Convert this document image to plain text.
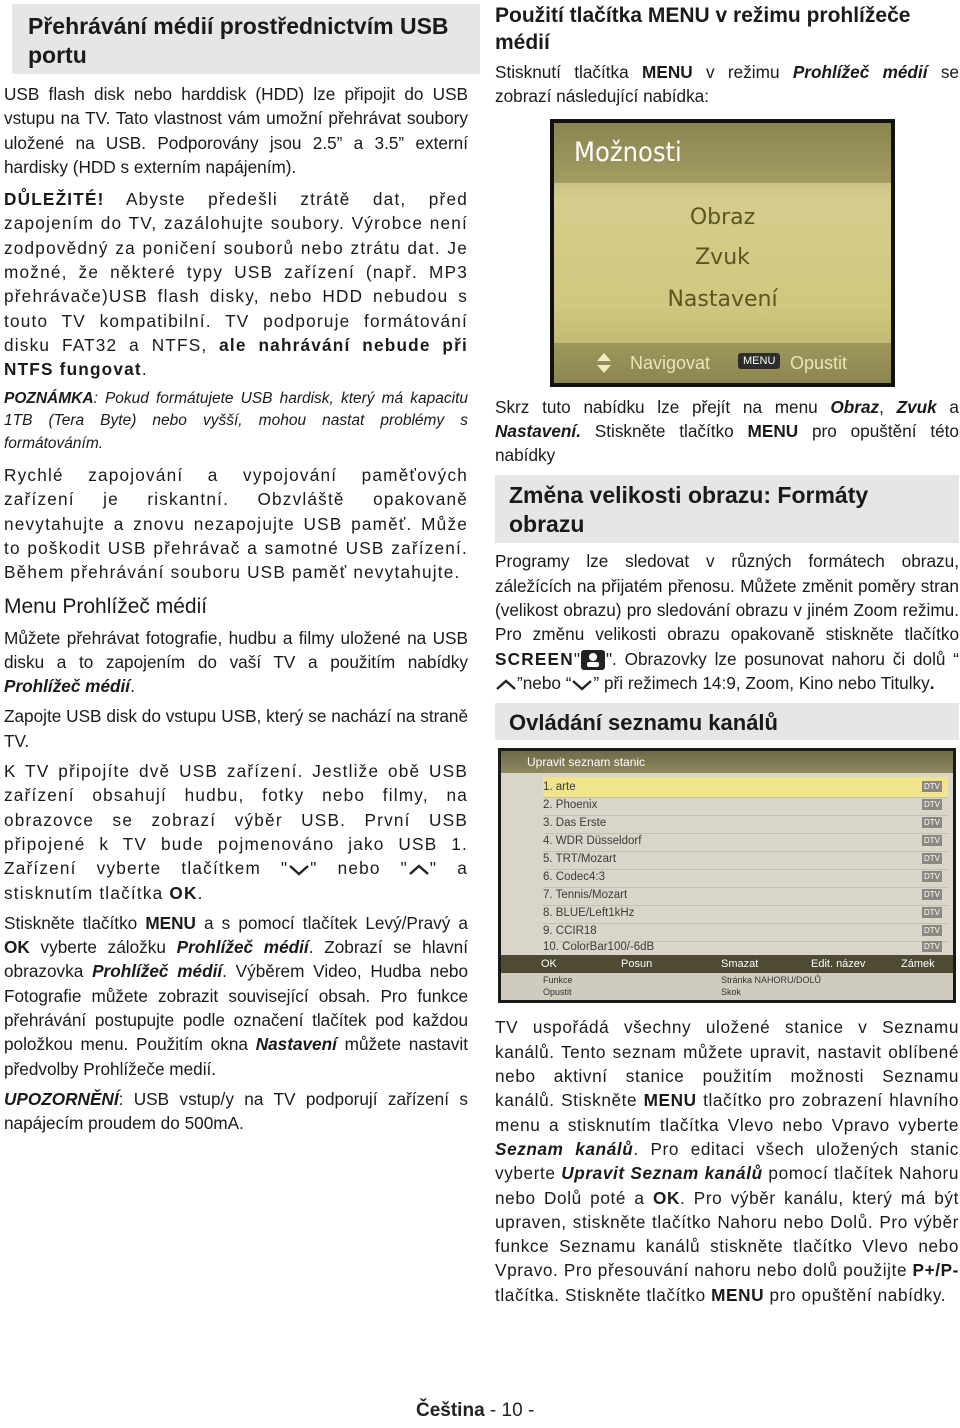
Přehrávání médií prostřednictvím USB portu

USB flash disk nebo harddisk (HDD) lze připojit do USB vstupu na TV. Tato vlastnost vám umožní přehrávat soubory uložené na USB. Podporovány jsou 2.5” a 3.5” externí hardisky (HDD s externím napájením).

DŮLEŽITÉ! Abyste předešli ztrátě dat, před zapojením do TV, zazálohujte soubory. Výrobce není zodpovědný za poničení souborů nebo ztrátu dat. Je možné, že některé typy USB zařízení (např. MP3 přehrávače)USB flash disky, nebo HDD nebudou s touto TV kompatibilní. TV podporuje formátování disku FAT32 a NTFS, ale nahrávání nebude při NTFS fungovat.

POZNÁMKA: Pokud formátujete USB hardisk, který má kapacitu 1TB (Tera Byte) nebo vyšší, mohou nastat problémy s formátováním.

Rychlé zapojování a vypojování paměťových zařízení je riskantní. Obzvláště opakovaně nevytahujte a znovu nezapojujte USB paměť. Může to poškodit USB přehrávač a samotné USB zařízení. Během přehrávání souboru USB paměť nevytahujte.

Menu Prohlížeč médií

Můžete přehrávat fotografie, hudbu a filmy uložené na USB disku a to zapojením do vaší TV a použitím nabídky Prohlížeč médií.

Zapojte USB disk do vstupu USB, který se nachází na straně TV.

K TV připojíte dvě USB zařízení. Jestliže obě USB zařízení obsahují hudbu, fotky nebo filmy, na obrazovce se zobrazí výběr USB. První USB připojené k TV bude pojmenováno jako USB 1. Zařízení vyberte tlačítkem " " nebo " " a stisknutím tlačítka OK.

Stiskněte tlačítko MENU a s pomocí tlačítek Levý/Pravý a OK vyberte záložku Prohlížeč médií. Zobrazí se hlavní obrazovka Prohlížeč médií. Výběrem Video, Hudba nebo Fotografie můžete zobrazit související obsah. Pro funkce přehrávání postupujte podle označení tlačítek pod každou položkou menu. Použitím okna Nastavení můžete nastavit předvolby Prohlížeče medií.

UPOZORNĚNÍ: USB vstup/y na TV podporují zařízení s napájecím proudem do 500mA.

Použití tlačítka MENU v režimu prohlížeče médií

Stisknutí tlačítka MENU v režimu Prohlížeč médií se zobrazí následující nabídka:

Možnosti
Obraz
Zvuk
Nastavení
Navigovat	MENU Opustit

Skrz tuto nabídku lze přejít na menu Obraz, Zvuk a Nastavení. Stiskněte tlačítko MENU pro opuštění této nabídky

Změna velikosti obrazu: Formáty obrazu

Programy lze sledovat v různých formátech obrazu, záležících na přijatém přenosu. Můžete změnit poměry stran (velikost obrazu) pro sledování obrazu v jiném Zoom režimu. Pro změnu velikosti obrazu opakovaně stiskněte tlačítko SCREEN" ". Obrazovky lze posunovat nahoru či dolů “”nebo “ ” při režimech 14:9, Zoom, Kino nebo Titulky.

Ovládání seznamu kanálů
Upravit seznam stanic
1. arte	DTV
2. Phoenix	DTV
3. Das Erste	DTV
4. WDR Düsseldorf	DTV
5. TRT/Mozart	DTV
6. Codec4:3	DTV
7. Tennis/Mozart	DTV
8. BLUE/Left1kHz	DTV
9. CCIR18	DTV
10. ColorBar100/-6dB	DTV
OK	Posun	Smazat	Edit. název	Zámek
Funkce	Stránka NAHORU/DOLŮ
Opustit	Skok

TV uspořádá všechny uložené stanice v Seznamu kanálů. Tento seznam můžete upravit, nastavit oblíbené nebo aktivní stanice použitím možnosti Seznamu kanálů. Stiskněte MENU tlačítko pro zobrazení hlavního menu a stisknutím tlačítka Vlevo nebo Vpravo vyberte Seznam kanálů. Pro editaci všech uložených stanic vyberte Upravit Seznam kanálů pomocí tlačítek Nahoru nebo Dolů poté a OK. Pro výběr kanálu, který má být upraven, stiskněte tlačítko Nahoru nebo Dolů. Pro výběr funkce Seznamu kanálů stiskněte tlačítko Vlevo nebo Vpravo. Pro přesouvání nahoru nebo dolů použijte P+/P- tlačítka. Stiskněte tlačítko MENU pro opuštění nabídky.

Čeština - 10 -
